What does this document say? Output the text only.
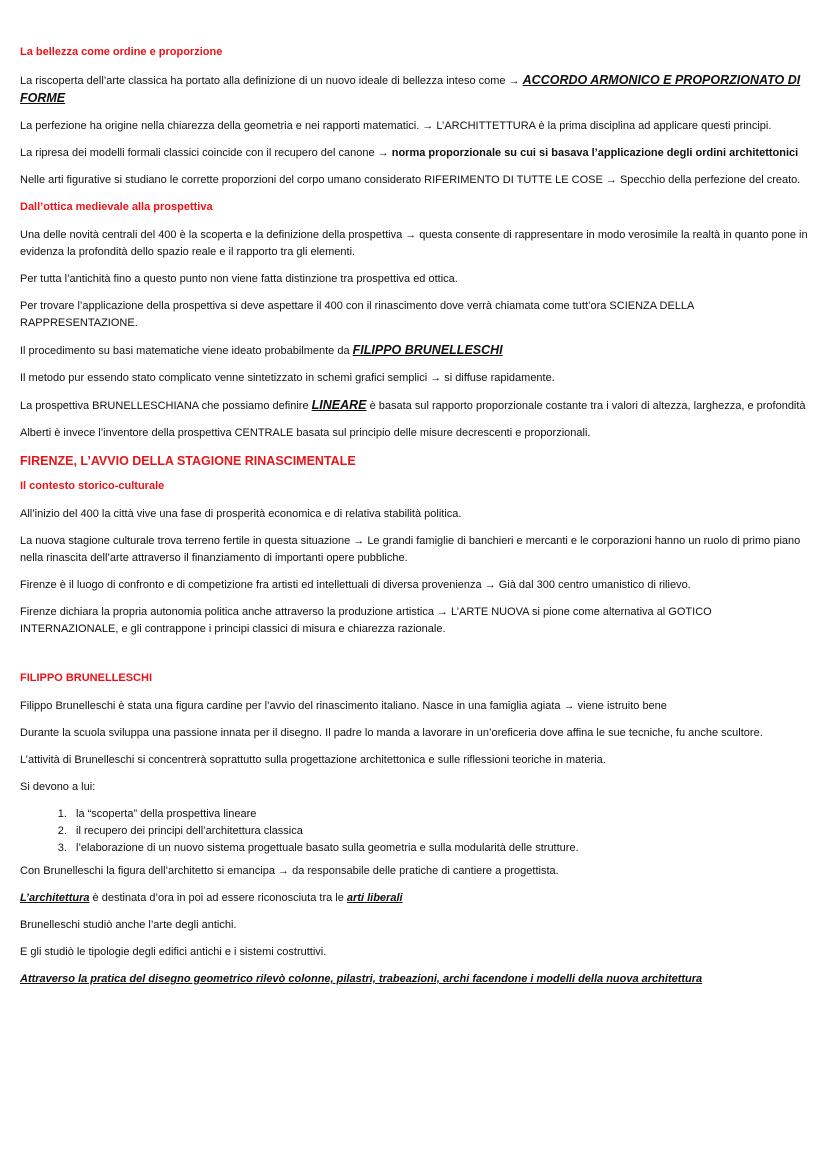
La bellezza come ordine e proporzione

La riscoperta dell’arte classica ha portato alla definizione di un nuovo ideale di bellezza inteso come → ACCORDO ARMONICO E PROPORZIONATO DI FORME

La perfezione ha origine nella chiarezza della geometria e nei rapporti matematici. → L’ARCHITTETTURA è la prima disciplina ad applicare questi principi.

La ripresa dei modelli formali classici coincide con il recupero del canone → norma proporzionale su cui si basava l’applicazione degli ordini architettonici

Nelle arti figurative si studiano le corrette proporzioni del corpo umano considerato RIFERIMENTO DI TUTTE LE COSE → Specchio della perfezione del creato.

Dall’ottica medievale alla prospettiva

Una delle novità centrali del 400 è la scoperta e la definizione della prospettiva → questa consente di rappresentare in modo verosimile la realtà in quanto pone in evidenza la profondità dello spazio reale e il rapporto tra gli elementi.

Per tutta l’antichità fino a questo punto non viene fatta distinzione tra prospettiva ed ottica.

Per trovare l’applicazione della prospettiva si deve aspettare il 400 con il rinascimento dove verrà chiamata come tutt’ora SCIENZA DELLA RAPPRESENTAZIONE.

Il procedimento su basi matematiche viene ideato probabilmente da FILIPPO BRUNELLESCHI

Il metodo pur essendo stato complicato venne sintetizzato in schemi grafici semplici → si diffuse rapidamente.

La prospettiva BRUNELLESCHIANA che possiamo definire LINEARE è basata sul rapporto proporzionale costante tra i valori di altezza, larghezza, e profondità

Alberti è invece l’inventore della prospettiva CENTRALE basata sul principio delle misure decrescenti e proporzionali.

FIRENZE, L’AVVIO DELLA STAGIONE RINASCIMENTALE
Il contesto storico-culturale

All’inizio del 400 la città vive una fase di prosperità economica e di relativa stabilità politica.

La nuova stagione culturale trova terreno fertile in questa situazione → Le grandi famiglie di banchieri e mercanti e le corporazioni hanno un ruolo di primo piano nella rinascita dell’arte attraverso il finanziamento di importanti opere pubbliche.

Firenze è il luogo di confronto e di competizione fra artisti ed intellettuali di diversa provenienza → Già dal 300 centro umanistico di rilievo.

Firenze dichiara la propria autonomia politica anche attraverso la produzione artistica → L’ARTE NUOVA si pione come alternativa al GOTICO INTERNAZIONALE, e gli contrappone i principi classici di misura e chiarezza razionale.

FILIPPO BRUNELLESCHI

Filippo Brunelleschi è stata una figura cardine per l’avvio del rinascimento italiano. Nasce in una famiglia agiata → viene istruito bene

Durante la scuola sviluppa una passione innata per il disegno. Il padre lo manda a lavorare in un’oreficeria dove affina le sue tecniche, fu anche scultore.

L’attività di Brunelleschi si concentrerà soprattutto sulla progettazione architettonica e sulle riflessioni teoriche in materia.

Si devono a lui:

1. la “scoperta” della prospettiva lineare
2. il recupero dei principi dell’architettura classica
3. l’elaborazione di un nuovo sistema progettuale basato sulla geometria e sulla modularità delle strutture.

Con Brunelleschi la figura dell’architetto si emancipa → da responsabile delle pratiche di cantiere a progettista.

L’architettura è destinata d’ora in poi ad essere riconosciuta tra le arti liberali

Brunelleschi studiò anche l’arte degli antichi.

E gli studiò le tipologie degli edifici antichi e i sistemi costruttivi.

Attraverso la pratica del disegno geometrico rilevò colonne, pilastri, trabeazioni, archi facendone i modelli della nuova architettura
